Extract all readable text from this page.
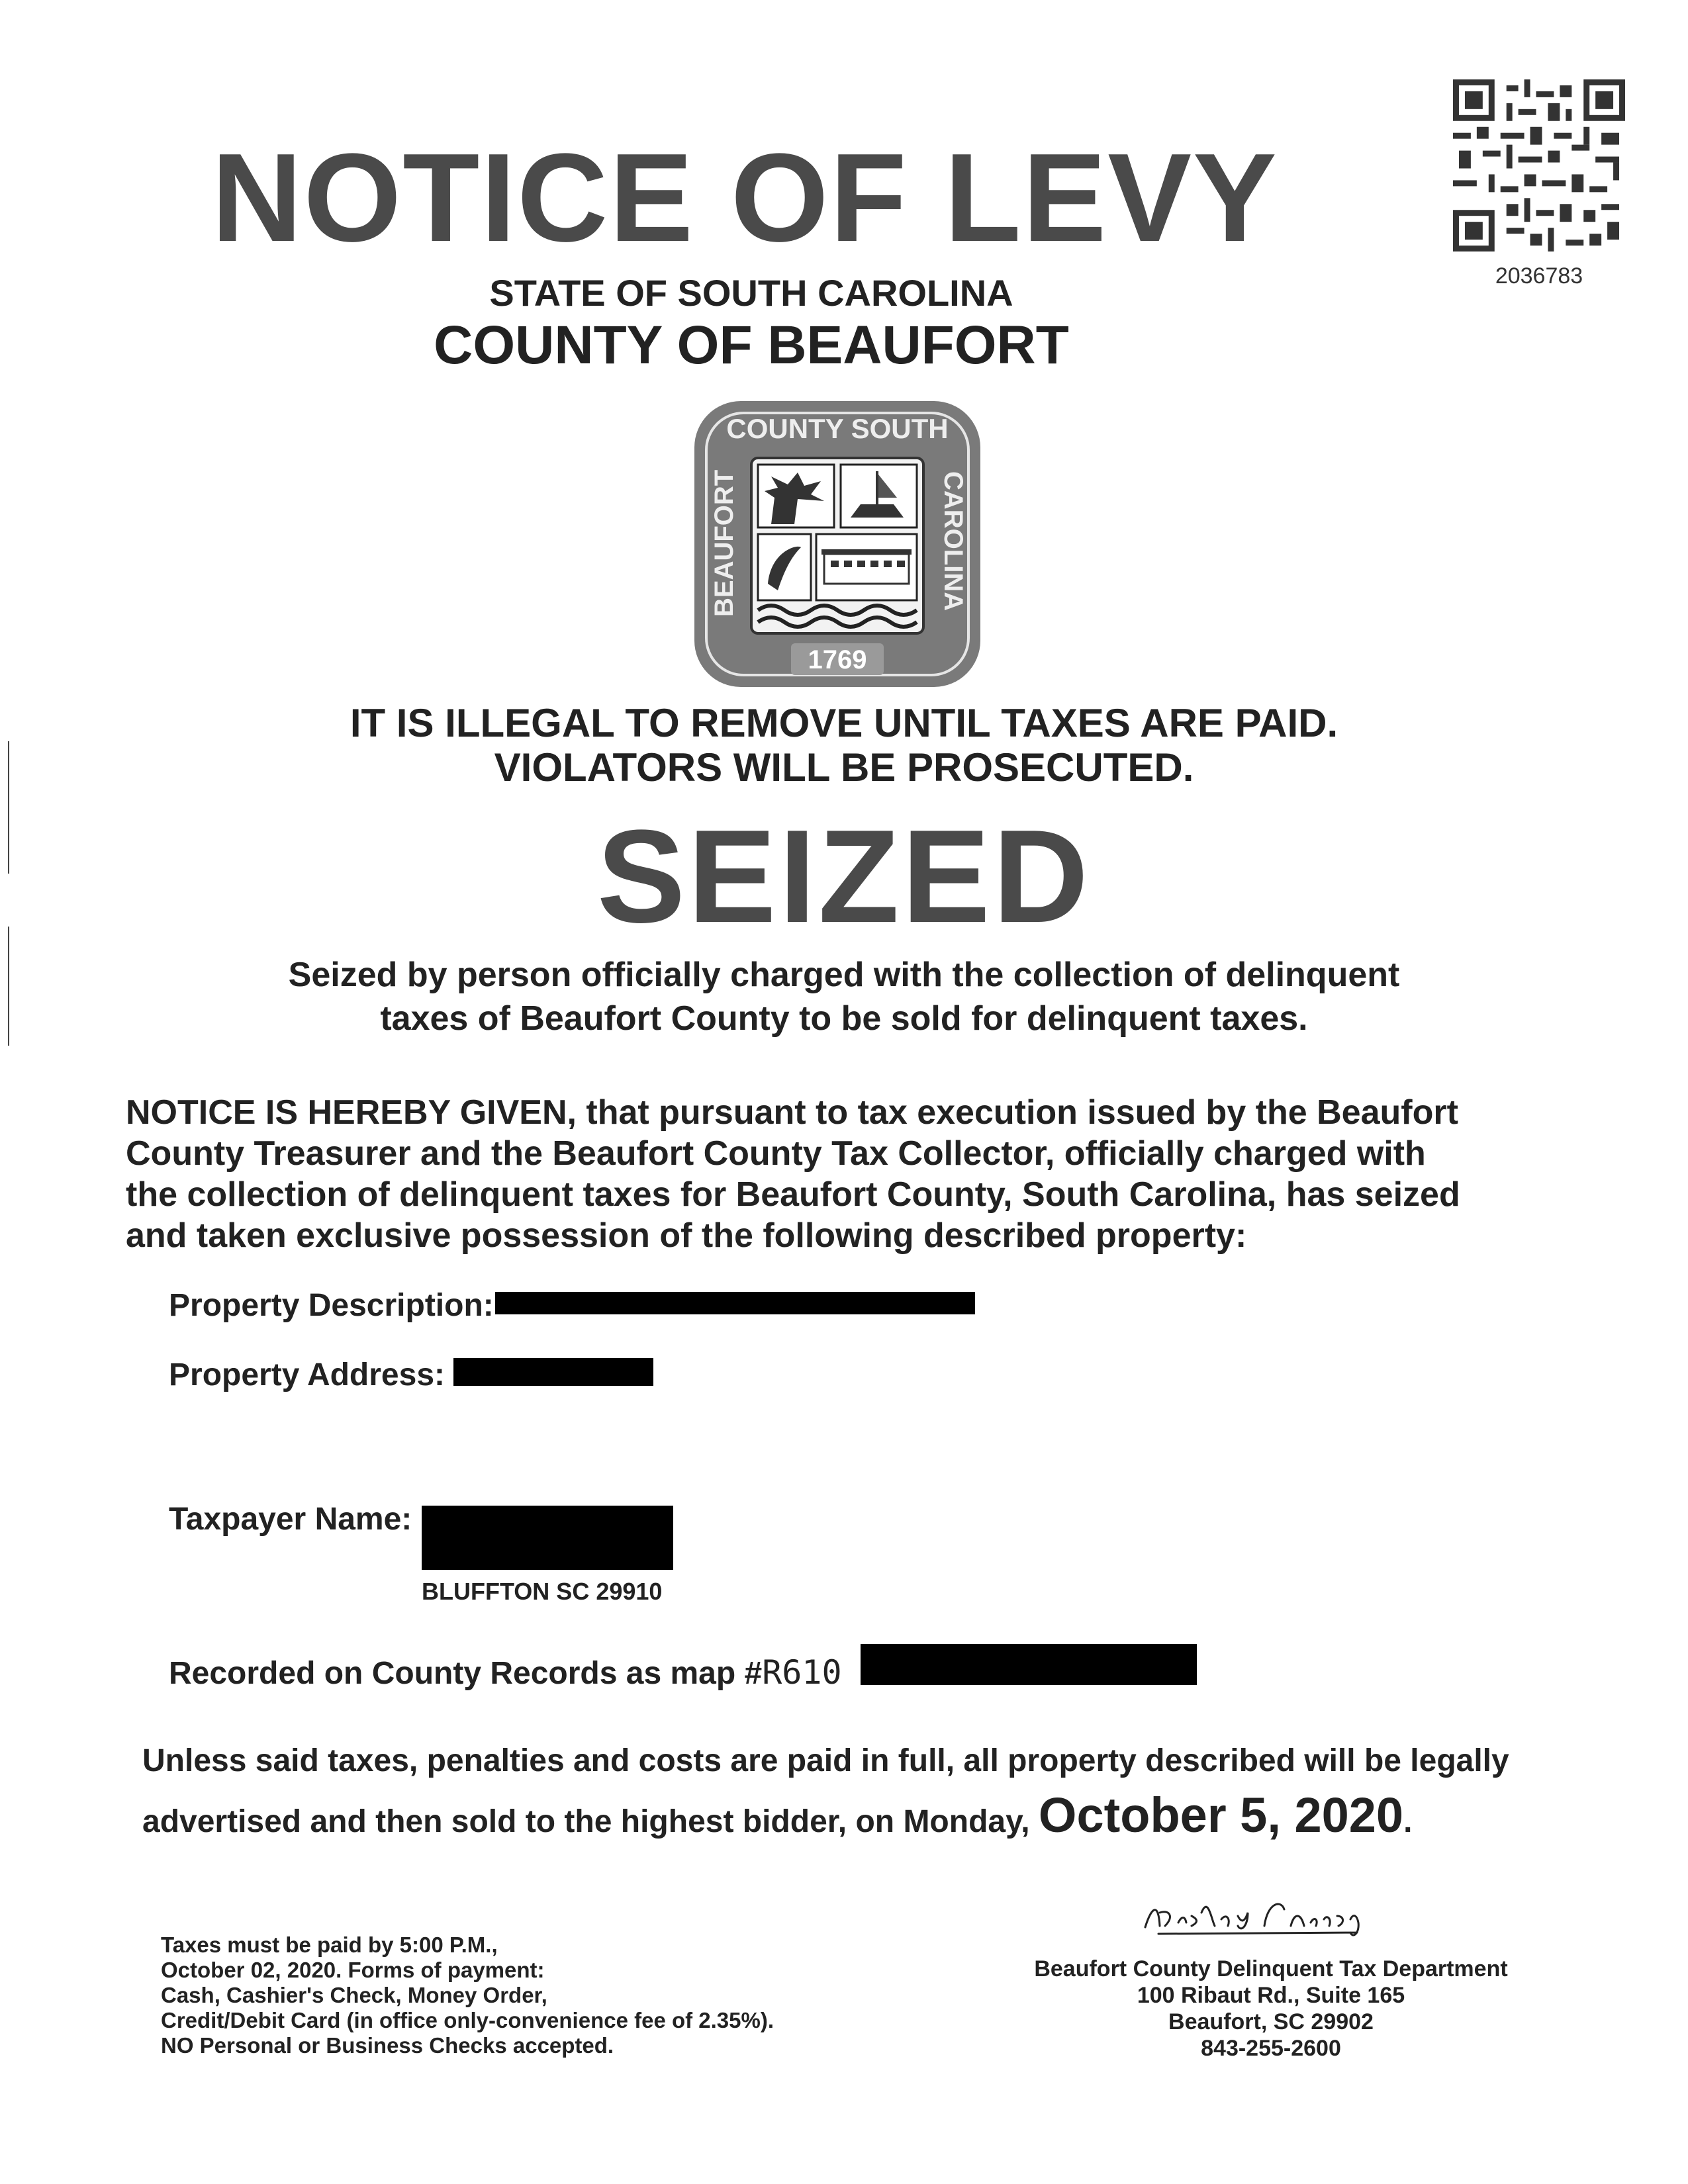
NOTICE OF LEVY
2036783
STATE OF SOUTH CAROLINA
COUNTY OF BEAUFORT
COUNTY SOUTH
BEAUFORT	CAROLINA
1769
IT IS ILLEGAL TO REMOVE UNTIL TAXES ARE PAID.
VIOLATORS WILL BE PROSECUTED.
SEIZED
Seized by person officially charged with the collection of delinquent
taxes of Beaufort County to be sold for delinquent taxes.
NOTICE IS HEREBY GIVEN, that pursuant to tax execution issued by the Beaufort
County Treasurer and the Beaufort County Tax Collector, officially charged with
the collection of delinquent taxes for Beaufort County, South Carolina, has seized
and taken exclusive possession of the following described property:
Property Description:
Property Address:
Taxpayer Name:
BLUFFTON SC 29910
Recorded on County Records as map #R610
Unless said taxes, penalties and costs are paid in full, all property described will be legally
advertised and then sold to the highest bidder, on Monday, October 5, 2020.
Taxes must be paid by 5:00 P.M.,
October 02, 2020. Forms of payment:
Cash, Cashier's Check, Money Order,
Credit/Debit Card (in office only-convenience fee of 2.35%).
NO Personal or Business Checks accepted.
Beaufort County Delinquent Tax Department
100 Ribaut Rd., Suite 165
Beaufort, SC 29902
843-255-2600
